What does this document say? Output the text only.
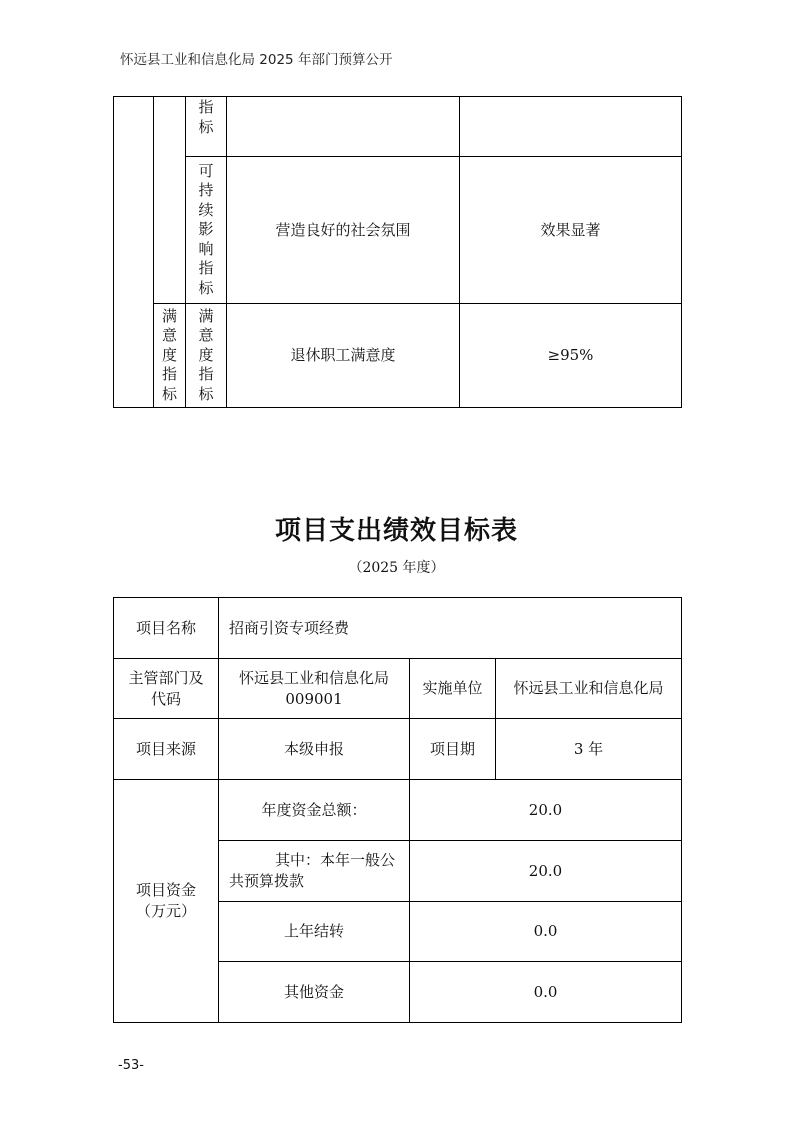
怀远县工业和信息化局 2025 年部门预算公开

		指标		

		可持续影响指标	营造良好的社会氛围	效果显著

	满意度指标	满意度指标	退休职工满意度	≥95%
项目支出绩效目标表
（2025 年度）
项目名称	招商引资专项经费		
主管部门及代码	怀远县工业和信息化局 009001	实施单位	怀远县工业和信息化局
项目来源	本级申报	项目期	3 年
项目资金（万元）	年度资金总额：	20.0	
	其中：本年一般公共预算拨款	20.0	
	上年结转	0.0	
	其他资金	0.0	
-53-
